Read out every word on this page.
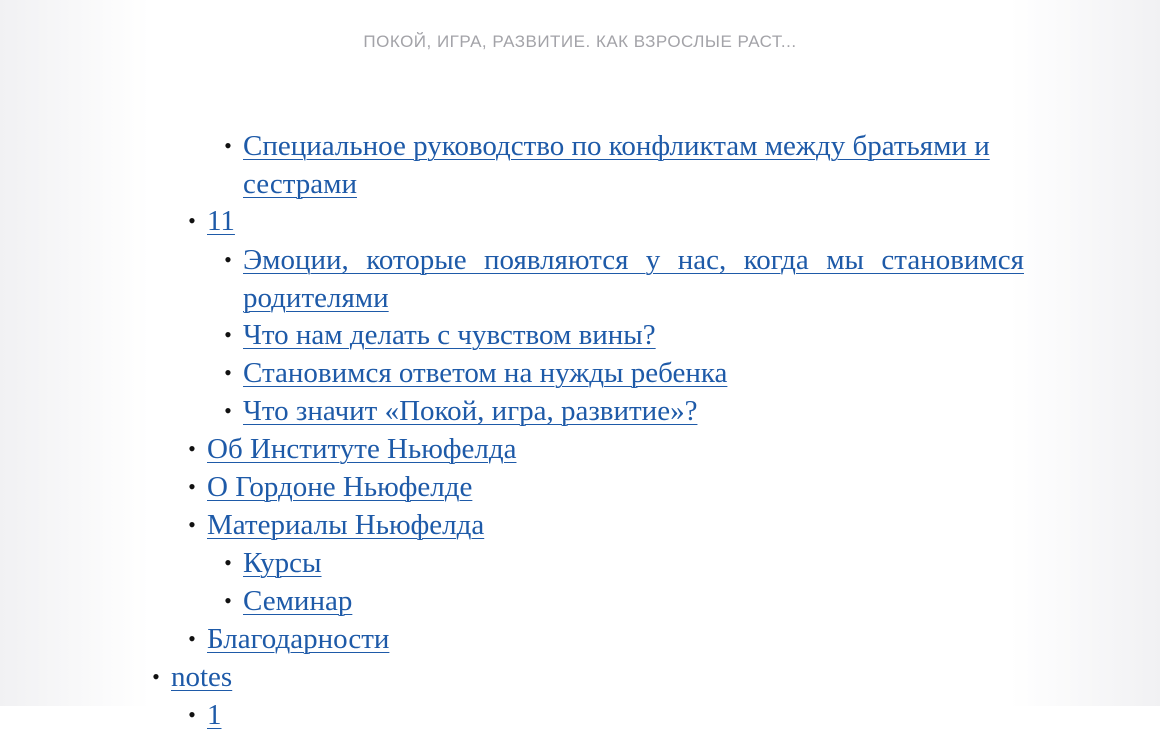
ПОКОЙ, ИГРА, РАЗВИТИЕ. КАК ВЗРОСЛЫЕ РАСТ...
• Специальное руководство по конфликтам между братьями и сестрами
• 11
• Эмоции, которые появляются у нас, когда мы становимся родителями
• Что нам делать с чувством вины?
• Становимся ответом на нужды ребенка
• Что значит «Покой, игра, развитие»?
• Об Институте Ньюфелда
• О Гордоне Ньюфелде
• Материалы Ньюфелда
• Курсы
• Семинар
• Благодарности
• notes
• 1
